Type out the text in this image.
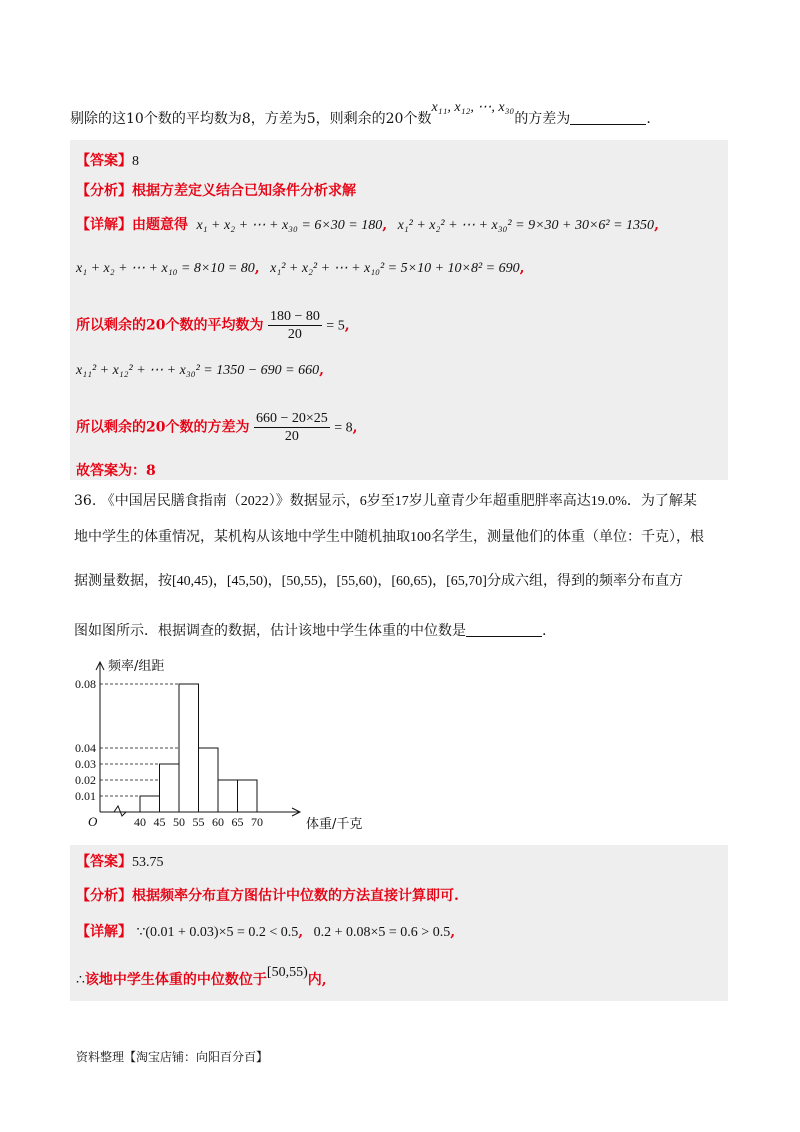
剔除的这10个数的平均数为8，方差为5，则剩余的20个数x₁₁, x₁₂, ⋯, x₃₀的方差为	.
【答案】8
【分析】根据方差定义结合已知条件分析求解
【详解】由题意得 x₁ + x₂ + ⋯ + x₃₀ = 6×30 = 180, x₁² + x₂² + ⋯ + x₃₀² = 9×30 + 30×6² = 1350,
x₁ + x₂ + ⋯ + x₁₀ = 8×10 = 80, x₁² + x₂² + ⋯ + x₁₀² = 5×10 + 10×8² = 690,
所以剩余的20个数的平均数为 $\frac{180 - 80}{20} = 5$,
x₁₁² + x₁₂² + ⋯ + x₃₀² = 1350 − 690 = 660,
所以剩余的20个数的方差为 $\frac{660 - 20\times 25}{20} = 8$,
故答案为：8
36. 《中国居民膳食指南（2022）》数据显示，6岁至17岁儿童青少年超重肥胖率高达19.0%．为了解某
地中学生的体重情况，某机构从该地中学生中随机抽取100名学生，测量他们的体重（单位：千克），根
据测量数据，按[40,45)，[45,50)，[50,55)，[55,60)，[60,65)，[65,70]分成六组，得到的频率分布直方
图如图所示．根据调查的数据，估计该地中学生体重的中位数是	.
0.01
0.02
0.03
0.04
0.08
40 45 50 55 60 65 70
O
频率/组距
体重/千克
【答案】53.75
【分析】根据频率分布直方图估计中位数的方法直接计算即可.
【详解】 ∵(0.01 + 0.03)×5 = 0.2 < 0.5, 0.2 + 0.08×5 = 0.6 > 0.5,
∴该地中学生体重的中位数位于[50,55)内,
资料整理【淘宝店铺：向阳百分百】
